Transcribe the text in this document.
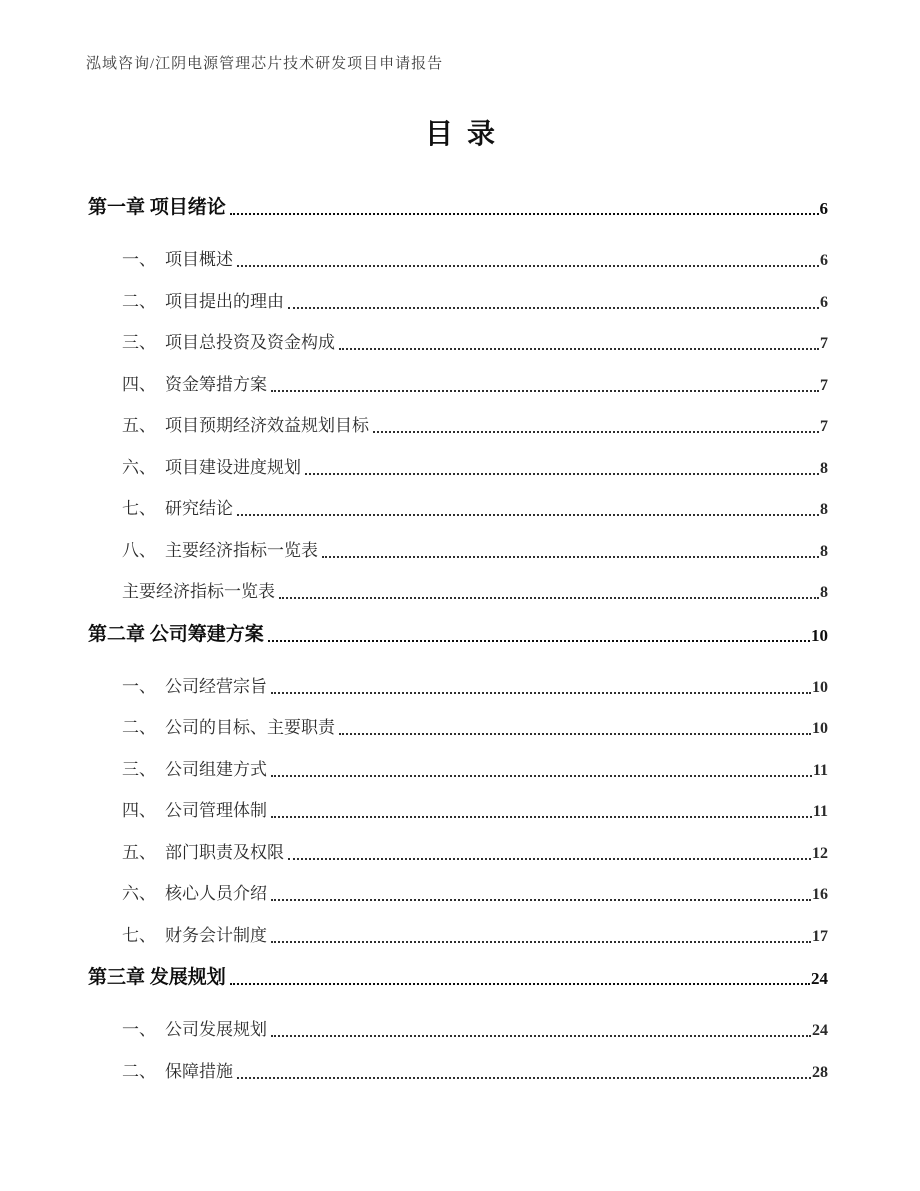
泓域咨询/江阴电源管理芯片技术研发项目申请报告
目录
第一章 项目绪论	6
一、 项目概述	6
二、 项目提出的理由	6
三、 项目总投资及资金构成	7
四、 资金筹措方案	7
五、 项目预期经济效益规划目标	7
六、 项目建设进度规划	8
七、 研究结论	8
八、 主要经济指标一览表	8
主要经济指标一览表	8
第二章 公司筹建方案	10
一、 公司经营宗旨	10
二、 公司的目标、主要职责	10
三、 公司组建方式	11
四、 公司管理体制	11
五、 部门职责及权限	12
六、 核心人员介绍	16
七、 财务会计制度	17
第三章 发展规划	24
一、 公司发展规划	24
二、 保障措施	28
